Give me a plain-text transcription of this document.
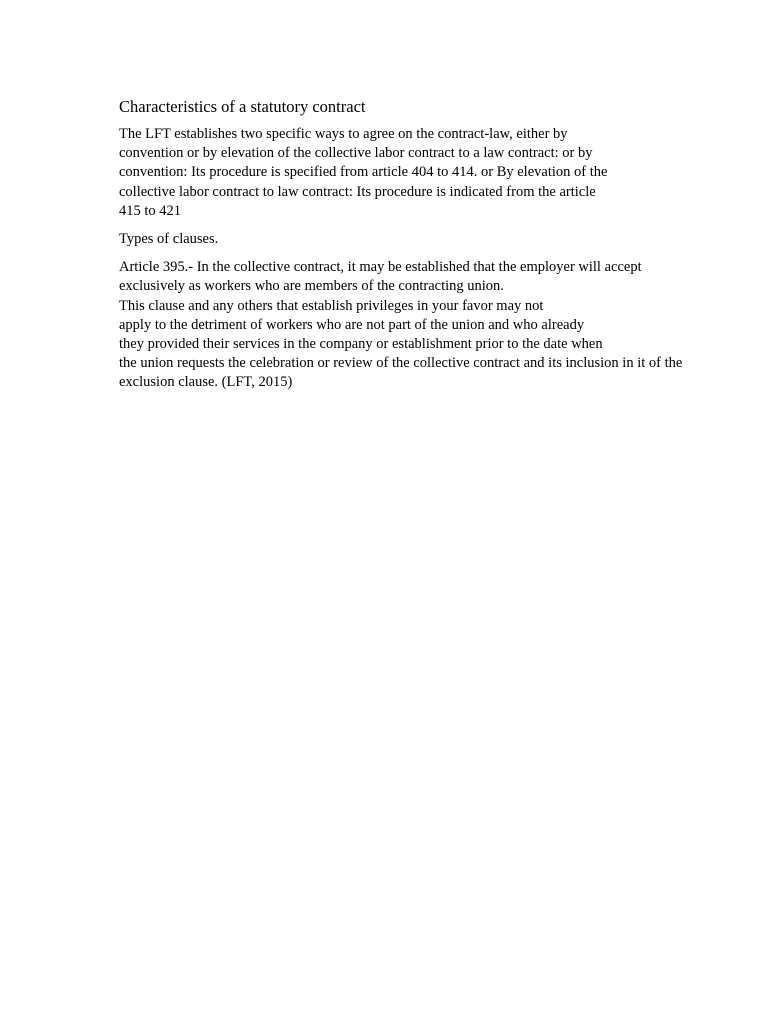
Characteristics of a statutory contract

The LFT establishes two specific ways to agree on the contract-law, either by
convention or by elevation of the collective labor contract to a law contract: or by
convention: Its procedure is specified from article 404 to 414. or By elevation of the
collective labor contract to law contract: Its procedure is indicated from the article
415 to 421

Types of clauses.

Article 395.- In the collective contract, it may be established that the employer will accept
exclusively as workers who are members of the contracting union.
This clause and any others that establish privileges in your favor may not
apply to the detriment of workers who are not part of the union and who already
they provided their services in the company or establishment prior to the date when
the union requests the celebration or review of the collective contract and its inclusion in it of the
exclusion clause. (LFT, 2015)
